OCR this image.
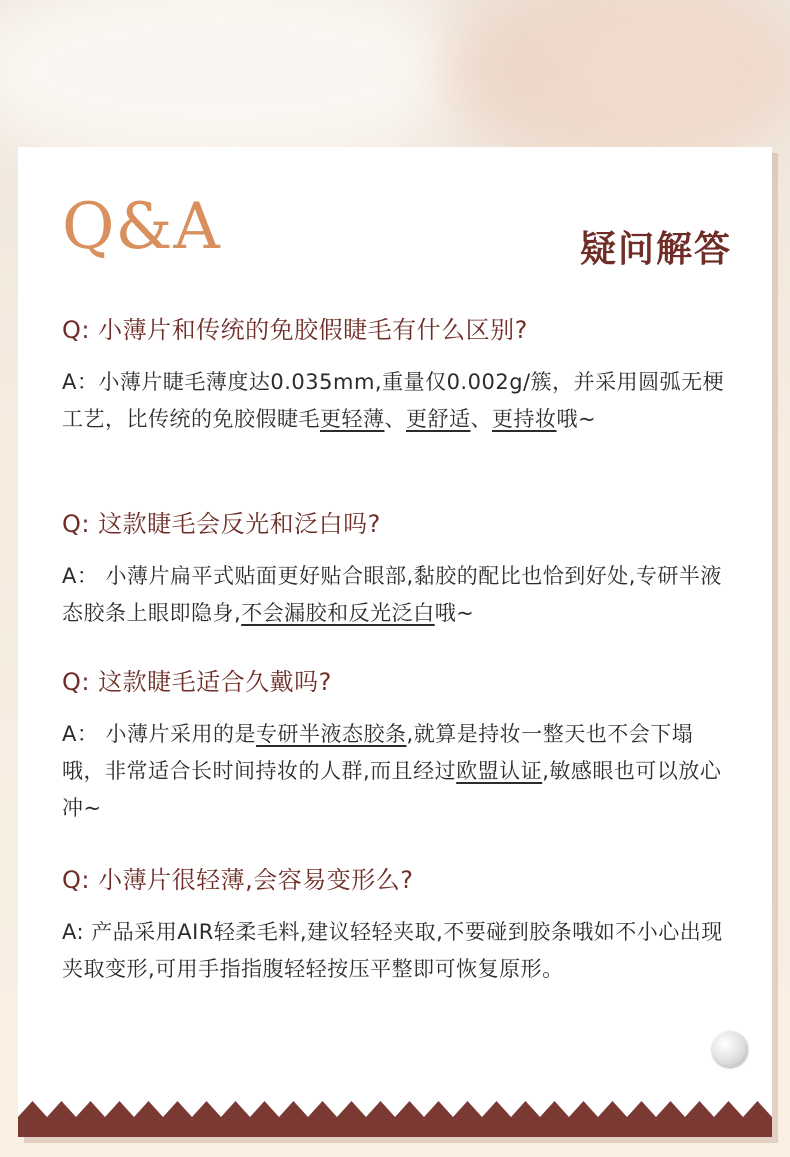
Q&A	疑问解答

Q: 小薄片和传统的免胶假睫毛有什么区别?

A：小薄片睫毛薄度达0.035mm,重量仅0.002g/簇，并采用圆弧无梗工艺，比传统的免胶假睫毛更轻薄、更舒适、更持妆哦~

Q: 这款睫毛会反光和泛白吗?

A： 小薄片扁平式贴面更好贴合眼部,黏胶的配比也恰到好处,专研半液态胶条上眼即隐身,不会漏胶和反光泛白哦~

Q: 这款睫毛适合久戴吗?

A： 小薄片采用的是专研半液态胶条,就算是持妆一整天也不会下塌哦，非常适合长时间持妆的人群,而且经过欧盟认证,敏感眼也可以放心冲~

Q: 小薄片很轻薄,会容易变形么?

A: 产品采用AIR轻柔毛料,建议轻轻夹取,不要碰到胶条哦如不小心出现夹取变形,可用手指指腹轻轻按压平整即可恢复原形。
